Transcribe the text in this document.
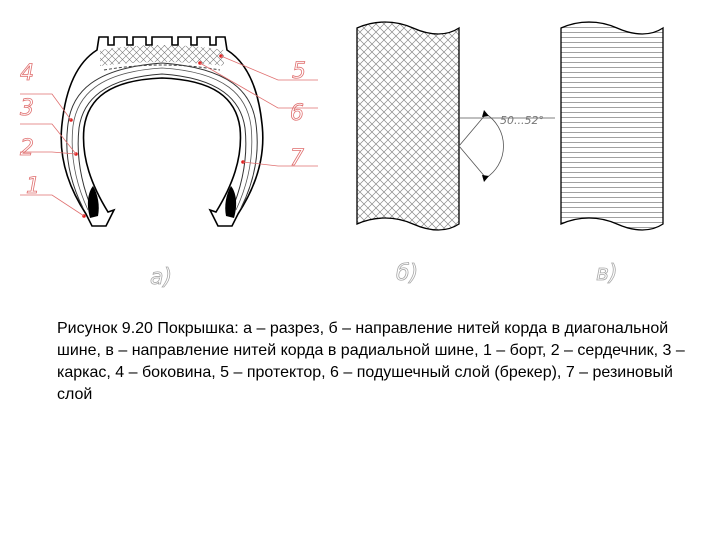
50...52°
4
3
2
1
5
6
7
а)	б)	в)
Рисунок 9.20 Покрышка: а – разрез, б – направление нитей корда в диагональной шине, в – направление нитей корда в радиальной шине, 1 – борт, 2 – сердечник, 3 – каркас, 4 – боковина, 5 – протектор, 6 – подушечный слой (брекер), 7 – резиновый слой
